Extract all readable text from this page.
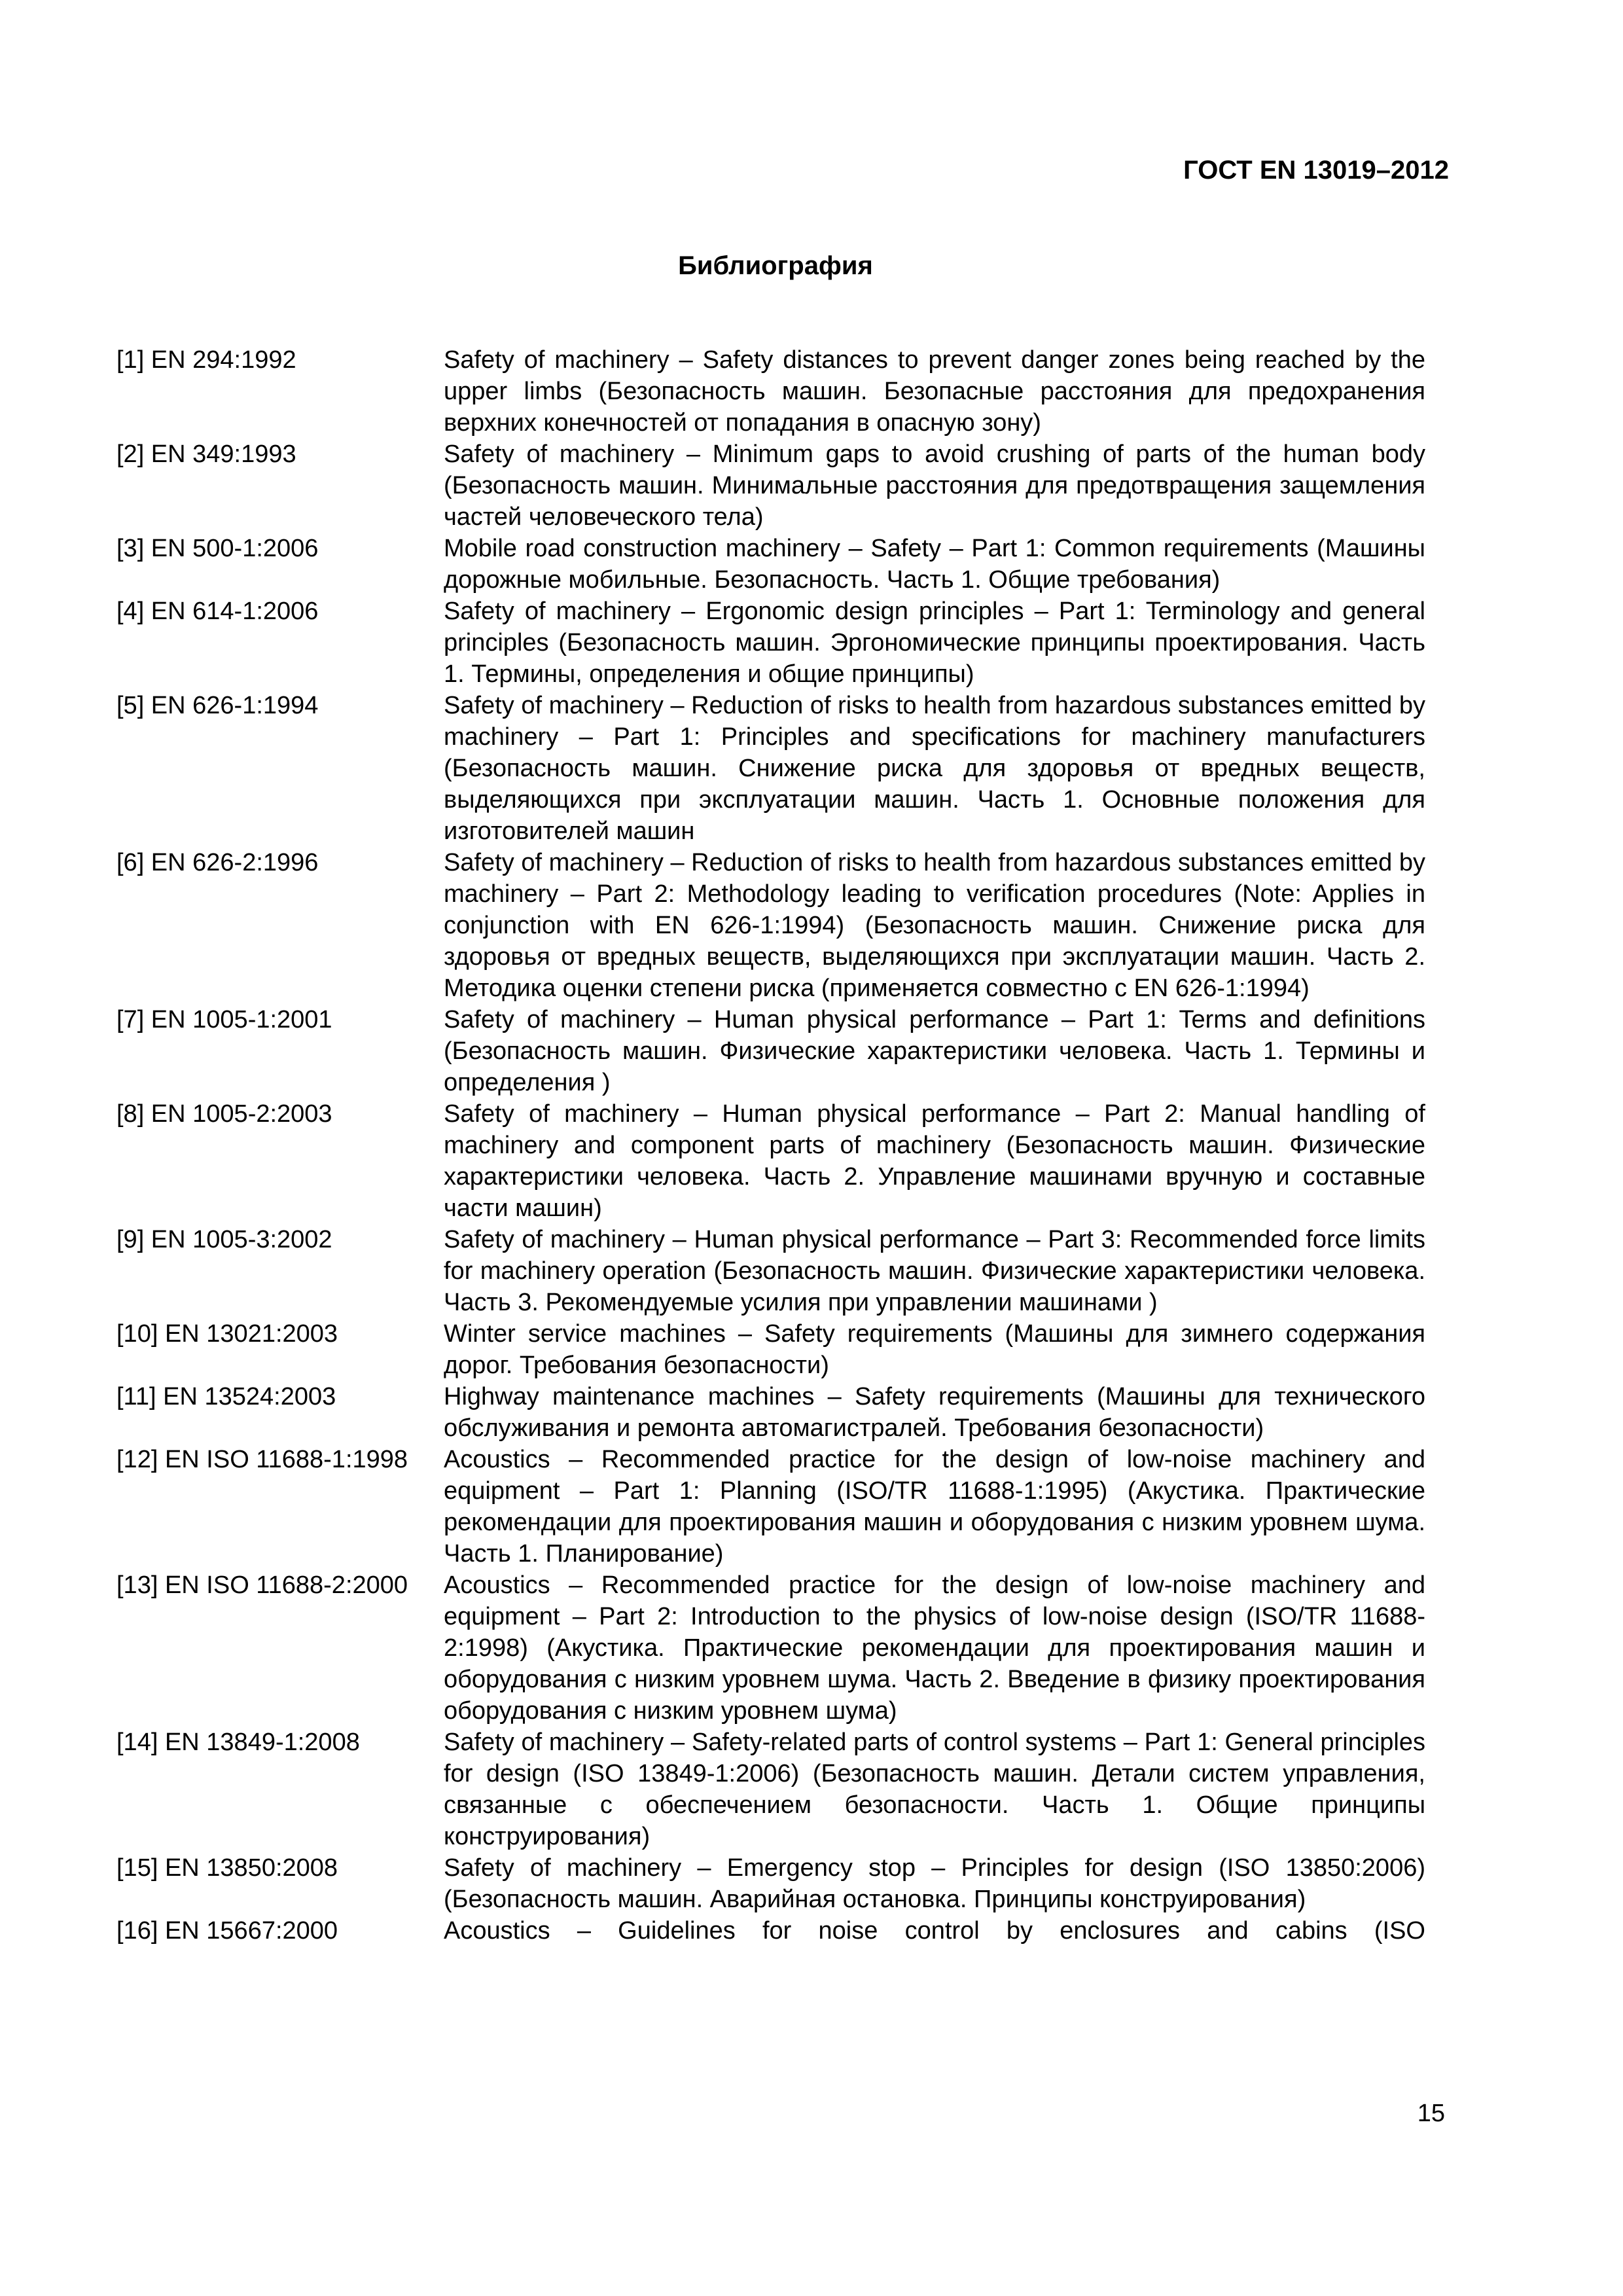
ГОСТ EN 13019–2012
Библиография
[1] EN 294:1992	Safety of machinery – Safety distances to prevent danger zones being reached by the upper limbs (Безопасность машин. Безопасные расстояния для предохранения верхних конечностей от попадания в опасную зону)
[2] EN 349:1993	Safety of machinery – Minimum gaps to avoid crushing of parts of the human body (Безопасность машин. Минимальные расстояния для предотвращения защемления частей человеческого тела)
[3] EN 500-1:2006	Mobile road construction machinery – Safety – Part 1: Common requirements (Машины дорожные мобильные. Безопасность. Часть 1. Общие требования)
[4] EN 614-1:2006	Safety of machinery – Ergonomic design principles – Part 1: Terminology and general principles (Безопасность машин. Эргономические принципы проектирования. Часть 1. Термины, определения и общие принципы)
[5] EN 626-1:1994	Safety of machinery – Reduction of risks to health from hazardous substances emitted by machinery – Part 1: Principles and specifications for machinery manufacturers (Безопасность машин. Снижение риска для здоровья от вредных веществ, выделяющихся при эксплуатации машин. Часть 1. Основные положения для изготовителей машин
[6] EN 626-2:1996	Safety of machinery – Reduction of risks to health from hazardous substances emitted by machinery – Part 2: Methodology leading to verification procedures (Note: Applies in conjunction with EN 626-1:1994) (Безопасность машин. Снижение риска для здоровья от вредных веществ, выделяющихся при эксплуатации машин. Часть 2. Методика оценки степени риска (применяется совместно с EN 626-1:1994)
[7] EN 1005-1:2001	Safety of machinery – Human physical performance – Part 1: Terms and definitions (Безопасность машин. Физические характеристики человека. Часть 1. Термины и определения )
[8] EN 1005-2:2003	Safety of machinery – Human physical performance – Part 2: Manual handling of machinery and component parts of machinery (Безопасность машин. Физические характеристики человека. Часть 2. Управление машинами вручную и составные части машин)
[9] EN 1005-3:2002	Safety of machinery – Human physical performance – Part 3: Recommended force limits for machinery operation (Безопасность машин. Физические характеристики человека. Часть 3. Рекомендуемые усилия при управлении машинами )
[10] EN 13021:2003	Winter service machines – Safety requirements (Машины для зимнего содержания дорог. Требования безопасности)
[11] EN 13524:2003	Highway maintenance machines – Safety requirements (Машины для технического обслуживания и ремонта автомагистралей. Требования безопасности)
[12] EN ISO 11688-1:1998	Acoustics – Recommended practice for the design of low-noise machinery and equipment – Part 1: Planning (ISO/TR 11688-1:1995) (Акустика. Практические рекомендации для проектирования машин и оборудования с низким уровнем шума. Часть 1. Планирование)
[13] EN ISO 11688-2:2000	Acoustics – Recommended practice for the design of low-noise machinery and equipment – Part 2: Introduction to the physics of low-noise design (ISO/TR 11688-2:1998) (Акустика. Практические рекомендации для проектирования машин и оборудования с низким уровнем шума. Часть 2. Введение в физику проектирования оборудования с низким уровнем шума)
[14] EN 13849-1:2008	Safety of machinery – Safety-related parts of control systems – Part 1: General principles for design (ISO 13849-1:2006) (Безопасность машин. Детали систем управления, связанные с обеспечением безопасности. Часть 1. Общие принципы конструирования)
[15] EN 13850:2008	Safety of machinery – Emergency stop – Principles for design (ISO 13850:2006) (Безопасность машин. Аварийная остановка. Принципы конструирования)
[16] EN 15667:2000	Acoustics – Guidelines for noise control by enclosures and cabins (ISO
15
